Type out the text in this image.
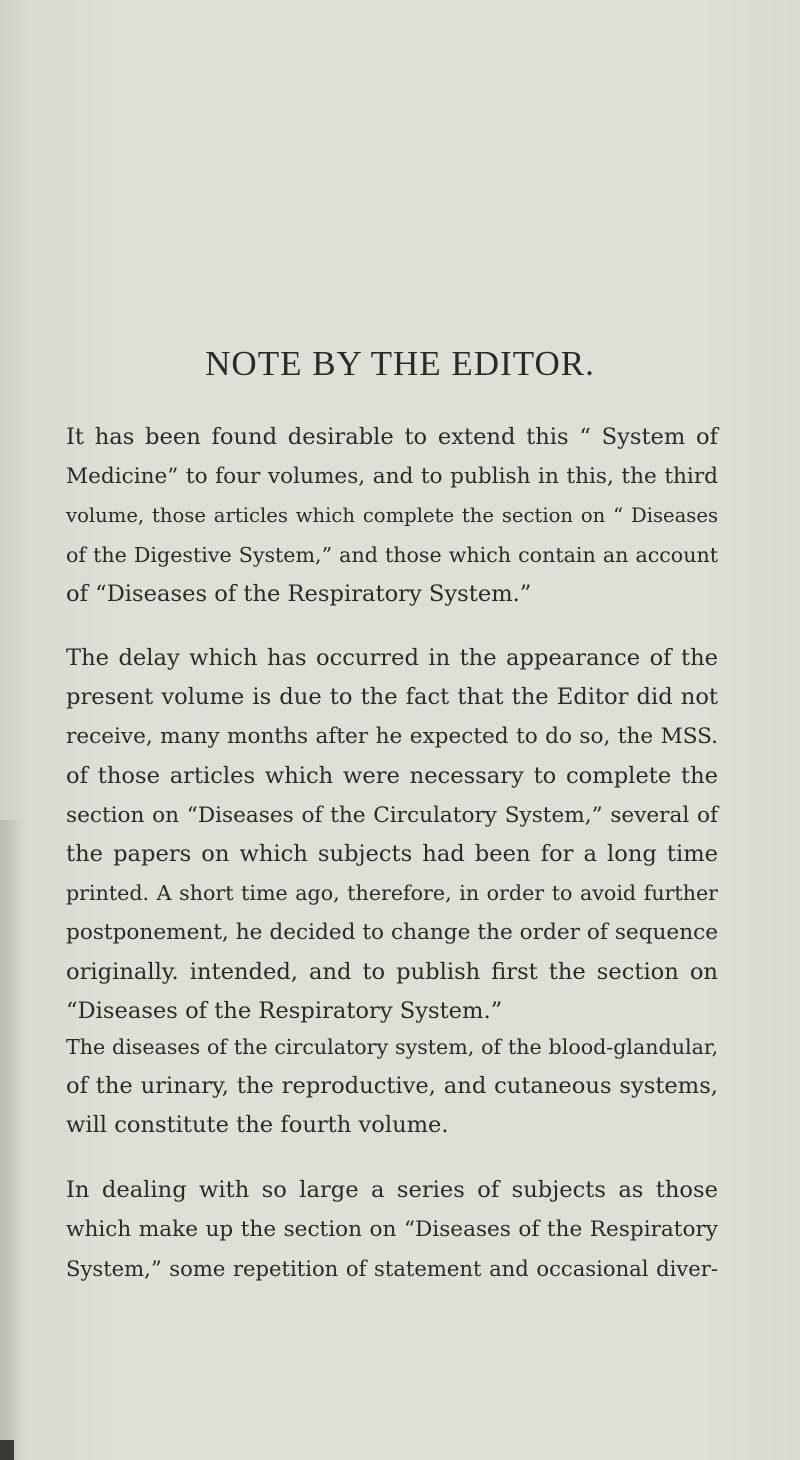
NOTE BY THE EDITOR.

It has been found desirable to extend this “ System of
Medicine” to four volumes, and to publish in this, the third
volume, those articles which complete the section on “ Diseases
of the Digestive System,” and those which contain an account
of “Diseases of the Respiratory System.”

The delay which has occurred in the appearance of the
present volume is due to the fact that the Editor did not
receive, many months after he expected to do so, the MSS.
of those articles which were necessary to complete the
section on “Diseases of the Circulatory System,” several of
the papers on which subjects had been for a long time
printed. A short time ago, therefore, in order to avoid further
postponement, he decided to change the order of sequence
originally. intended, and to publish first the section on
“Diseases of the Respiratory System.”

The diseases of the circulatory system, of the blood-glandular,
of the urinary, the reproductive, and cutaneous systems,
will constitute the fourth volume.

In dealing with so large a series of subjects as those
which make up the section on “Diseases of the Respiratory
System,” some repetition of statement and occasional diver-
